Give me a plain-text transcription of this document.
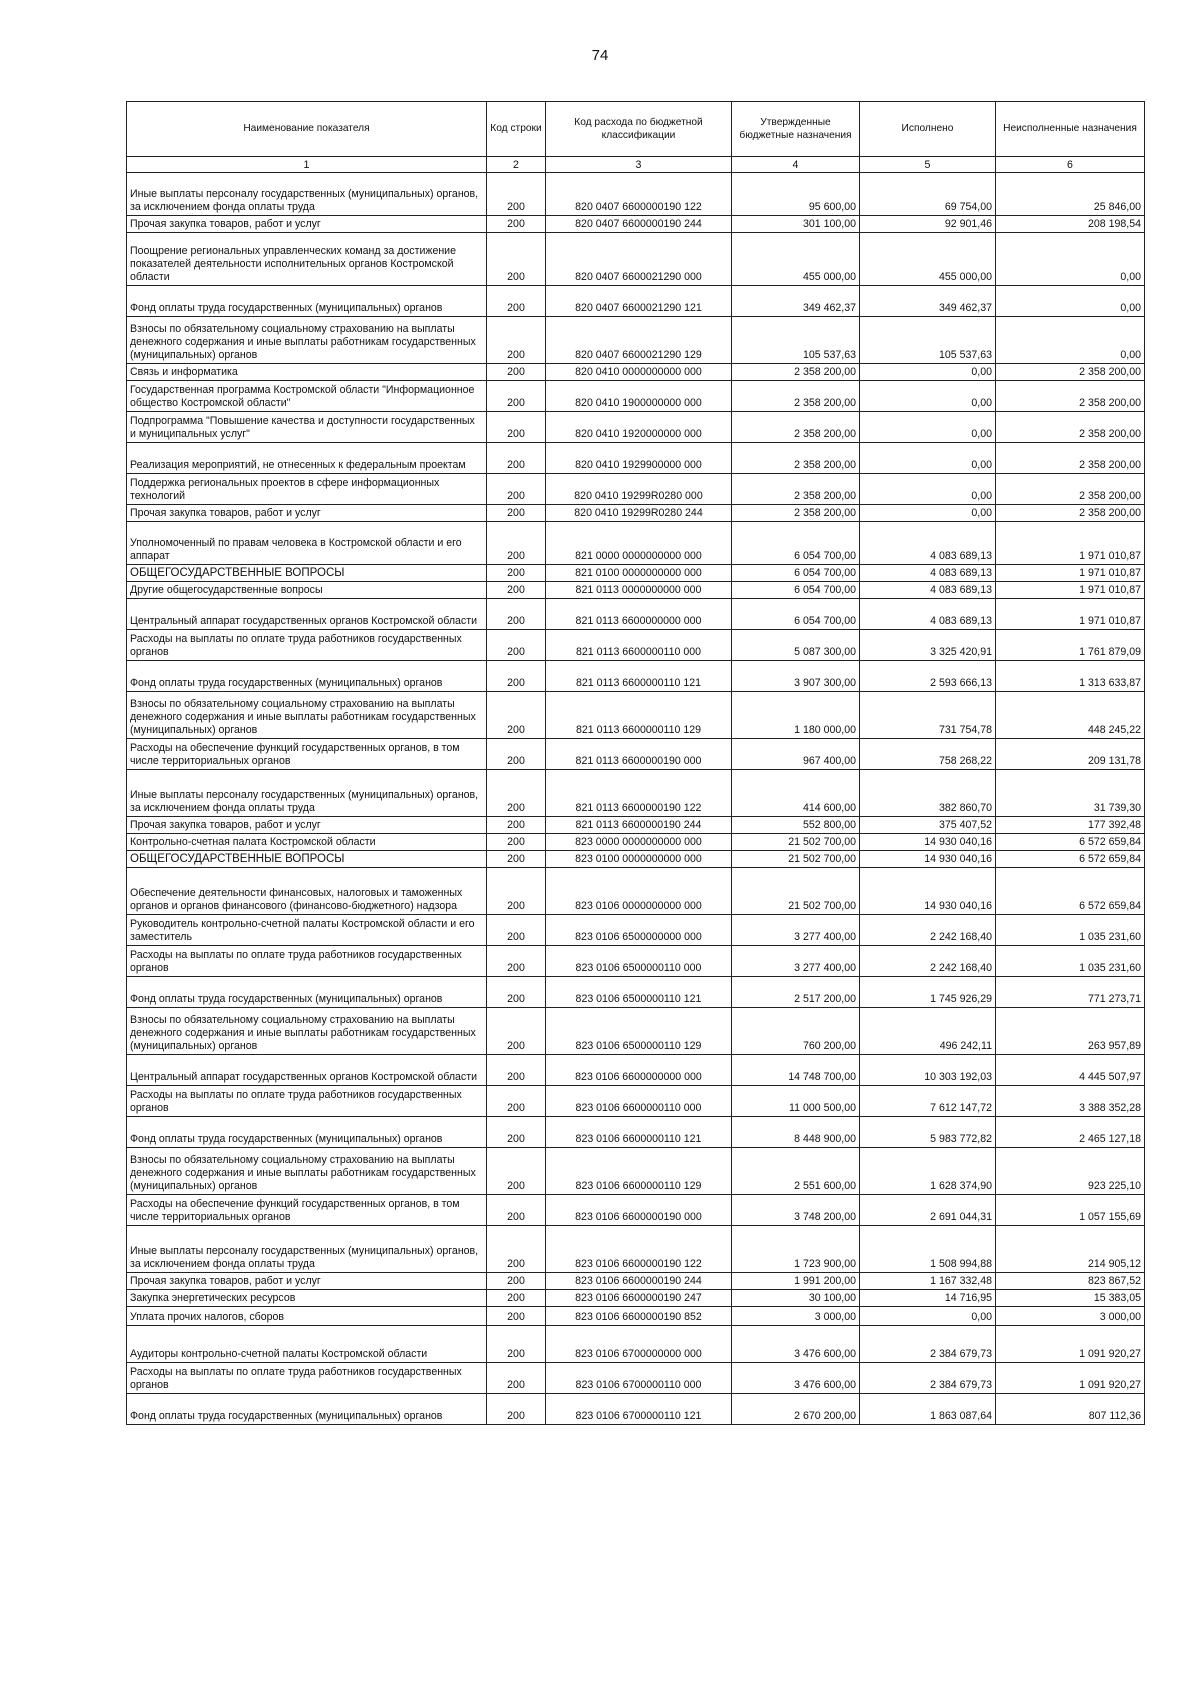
74
Наименование показателя	Код строки	Код расхода по бюджетной классификации	Утвержденные бюджетные назначения	Исполнено	Неисполненные назначения
1	2	3	4	5	6
Иные выплаты персоналу государственных (муниципальных) органов, за исключением фонда оплаты труда	200	820 0407 6600000190 122	95 600,00	69 754,00	25 846,00
Прочая закупка товаров, работ и услуг	200	820 0407 6600000190 244	301 100,00	92 901,46	208 198,54
Поощрение региональных управленческих команд за достижение показателей деятельности исполнительных органов Костромской области	200	820 0407 6600021290 000	455 000,00	455 000,00	0,00
Фонд оплаты труда государственных (муниципальных) органов	200	820 0407 6600021290 121	349 462,37	349 462,37	0,00
Взносы по обязательному социальному страхованию на выплаты денежного содержания и иные выплаты работникам государственных (муниципальных) органов	200	820 0407 6600021290 129	105 537,63	105 537,63	0,00
Связь и информатика	200	820 0410 0000000000 000	2 358 200,00	0,00	2 358 200,00
Государственная программа Костромской области "Информационное общество Костромской области"	200	820 0410 1900000000 000	2 358 200,00	0,00	2 358 200,00
Подпрограмма "Повышение качества и доступности государственных и муниципальных услуг"	200	820 0410 1920000000 000	2 358 200,00	0,00	2 358 200,00
Реализация мероприятий, не отнесенных к федеральным проектам	200	820 0410 1929900000 000	2 358 200,00	0,00	2 358 200,00
Поддержка региональных проектов в сфере информационных технологий	200	820 0410 19299R0280 000	2 358 200,00	0,00	2 358 200,00
Прочая закупка товаров, работ и услуг	200	820 0410 19299R0280 244	2 358 200,00	0,00	2 358 200,00
Уполномоченный по правам человека в Костромской области и его аппарат	200	821 0000 0000000000 000	6 054 700,00	4 083 689,13	1 971 010,87
ОБЩЕГОСУДАРСТВЕННЫЕ ВОПРОСЫ	200	821 0100 0000000000 000	6 054 700,00	4 083 689,13	1 971 010,87
Другие общегосударственные вопросы	200	821 0113 0000000000 000	6 054 700,00	4 083 689,13	1 971 010,87
Центральный аппарат государственных органов Костромской области	200	821 0113 6600000000 000	6 054 700,00	4 083 689,13	1 971 010,87
Расходы на выплаты по оплате труда работников государственных органов	200	821 0113 6600000110 000	5 087 300,00	3 325 420,91	1 761 879,09
Фонд оплаты труда государственных (муниципальных) органов	200	821 0113 6600000110 121	3 907 300,00	2 593 666,13	1 313 633,87
Взносы по обязательному социальному страхованию на выплаты денежного содержания и иные выплаты работникам государственных (муниципальных) органов	200	821 0113 6600000110 129	1 180 000,00	731 754,78	448 245,22
Расходы на обеспечение функций государственных органов, в том числе территориальных органов	200	821 0113 6600000190 000	967 400,00	758 268,22	209 131,78
Иные выплаты персоналу государственных (муниципальных) органов, за исключением фонда оплаты труда	200	821 0113 6600000190 122	414 600,00	382 860,70	31 739,30
Прочая закупка товаров, работ и услуг	200	821 0113 6600000190 244	552 800,00	375 407,52	177 392,48
Контрольно-счетная палата Костромской области	200	823 0000 0000000000 000	21 502 700,00	14 930 040,16	6 572 659,84
ОБЩЕГОСУДАРСТВЕННЫЕ ВОПРОСЫ	200	823 0100 0000000000 000	21 502 700,00	14 930 040,16	6 572 659,84
Обеспечение деятельности финансовых, налоговых и таможенных органов и органов финансового (финансово-бюджетного) надзора	200	823 0106 0000000000 000	21 502 700,00	14 930 040,16	6 572 659,84
Руководитель контрольно-счетной палаты Костромской области и его заместитель	200	823 0106 6500000000 000	3 277 400,00	2 242 168,40	1 035 231,60
Расходы на выплаты по оплате труда работников государственных органов	200	823 0106 6500000110 000	3 277 400,00	2 242 168,40	1 035 231,60
Фонд оплаты труда государственных (муниципальных) органов	200	823 0106 6500000110 121	2 517 200,00	1 745 926,29	771 273,71
Взносы по обязательному социальному страхованию на выплаты денежного содержания и иные выплаты работникам государственных (муниципальных) органов	200	823 0106 6500000110 129	760 200,00	496 242,11	263 957,89
Центральный аппарат государственных органов Костромской области	200	823 0106 6600000000 000	14 748 700,00	10 303 192,03	4 445 507,97
Расходы на выплаты по оплате труда работников государственных органов	200	823 0106 6600000110 000	11 000 500,00	7 612 147,72	3 388 352,28
Фонд оплаты труда государственных (муниципальных) органов	200	823 0106 6600000110 121	8 448 900,00	5 983 772,82	2 465 127,18
Взносы по обязательному социальному страхованию на выплаты денежного содержания и иные выплаты работникам государственных (муниципальных) органов	200	823 0106 6600000110 129	2 551 600,00	1 628 374,90	923 225,10
Расходы на обеспечение функций государственных органов, в том числе территориальных органов	200	823 0106 6600000190 000	3 748 200,00	2 691 044,31	1 057 155,69
Иные выплаты персоналу государственных (муниципальных) органов, за исключением фонда оплаты труда	200	823 0106 6600000190 122	1 723 900,00	1 508 994,88	214 905,12
Прочая закупка товаров, работ и услуг	200	823 0106 6600000190 244	1 991 200,00	1 167 332,48	823 867,52
Закупка энергетических ресурсов	200	823 0106 6600000190 247	30 100,00	14 716,95	15 383,05
Уплата прочих налогов, сборов	200	823 0106 6600000190 852	3 000,00	0,00	3 000,00
Аудиторы контрольно-счетной палаты Костромской области	200	823 0106 6700000000 000	3 476 600,00	2 384 679,73	1 091 920,27
Расходы на выплаты по оплате труда работников государственных органов	200	823 0106 6700000110 000	3 476 600,00	2 384 679,73	1 091 920,27
Фонд оплаты труда государственных (муниципальных) органов	200	823 0106 6700000110 121	2 670 200,00	1 863 087,64	807 112,36
